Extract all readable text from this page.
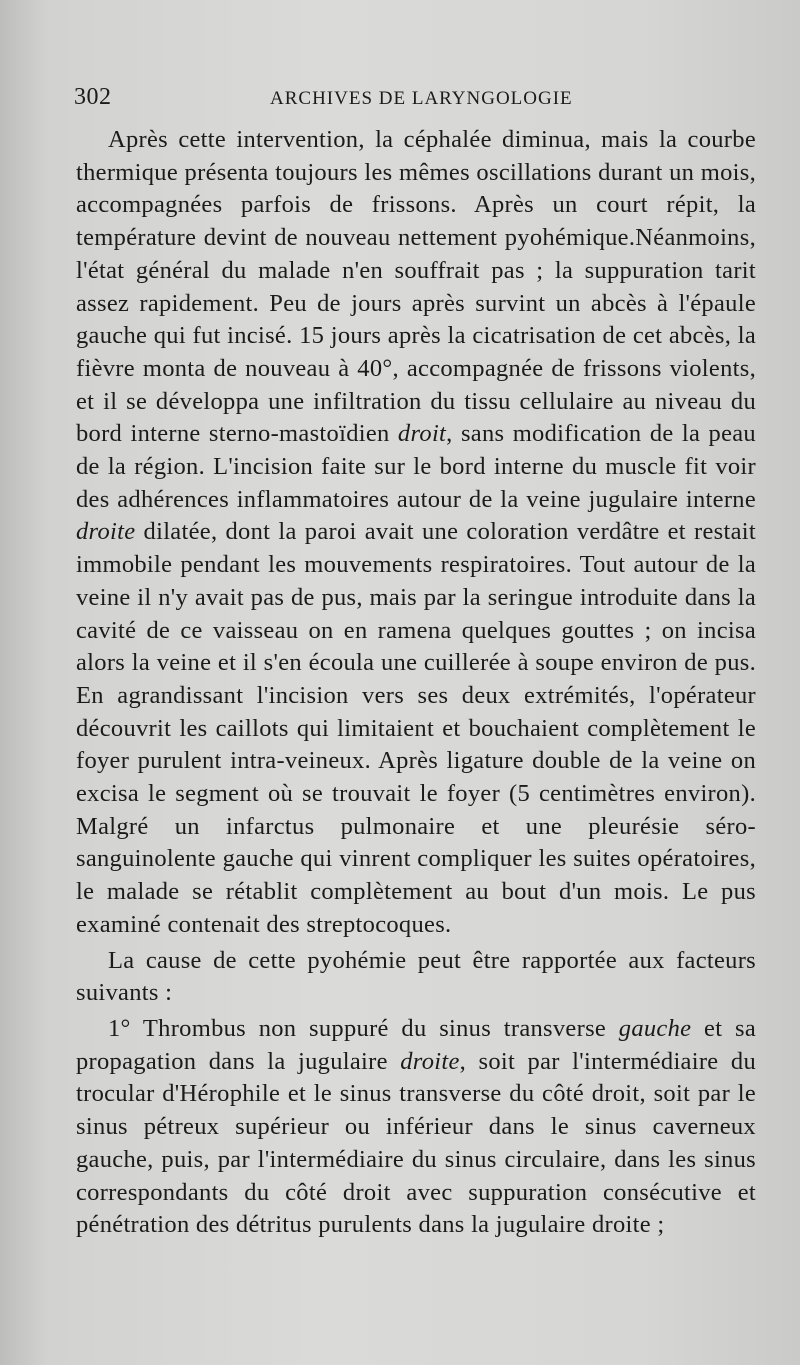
302	ARCHIVES DE LARYNGOLOGIE

Après cette intervention, la céphalée diminua, mais la courbe thermique présenta toujours les mêmes oscillations durant un mois, accompagnées parfois de frissons. Après un court répit, la température devint de nouveau nettement pyohémique.Néanmoins, l'état général du malade n'en souffrait pas ; la suppuration tarit assez rapidement. Peu de jours après survint un abcès à l'épaule gauche qui fut incisé. 15 jours après la cicatrisation de cet abcès, la fièvre monta de nouveau à 40°, accompagnée de frissons violents, et il se développa une infiltration du tissu cellulaire au niveau du bord interne sterno-mastoïdien droit, sans modification de la peau de la région. L'incision faite sur le bord interne du muscle fit voir des adhérences inflammatoires autour de la veine jugulaire interne droite dilatée, dont la paroi avait une coloration verdâtre et restait immobile pendant les mouvements respiratoires. Tout autour de la veine il n'y avait pas de pus, mais par la seringue introduite dans la cavité de ce vaisseau on en ramena quelques gouttes ; on incisa alors la veine et il s'en écoula une cuillerée à soupe environ de pus. En agrandissant l'incision vers ses deux extrémités, l'opérateur découvrit les caillots qui limitaient et bouchaient complètement le foyer purulent intra-veineux. Après ligature double de la veine on excisa le segment où se trouvait le foyer (5 centimètres environ). Malgré un infarctus pulmonaire et une pleurésie séro-sanguinolente gauche qui vinrent compliquer les suites opératoires, le malade se rétablit complètement au bout d'un mois. Le pus examiné contenait des streptocoques.

La cause de cette pyohémie peut être rapportée aux facteurs suivants :

1° Thrombus non suppuré du sinus transverse gauche et sa propagation dans la jugulaire droite, soit par l'intermédiaire du trocular d'Hérophile et le sinus transverse du côté droit, soit par le sinus pétreux supérieur ou inférieur dans le sinus caverneux gauche, puis, par l'intermédiaire du sinus circulaire, dans les sinus correspondants du côté droit avec suppuration consécutive et pénétration des détritus purulents dans la jugulaire droite ;
